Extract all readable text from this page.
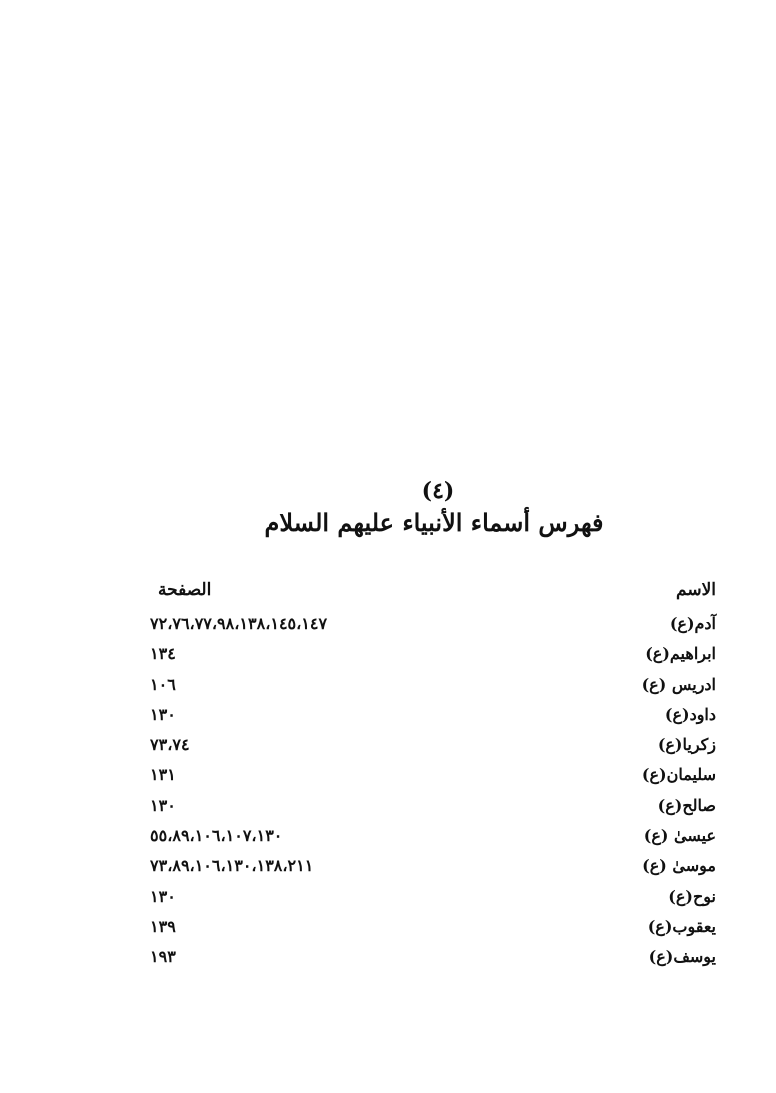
(٤)
فهرس أسماء الأنبياء عليهم السلام
الاسم
الصفحة
آدم(ع)
٧٢،٧٦،٧٧،٩٨،١٣٨،١٤٥،١٤٧
ابراهيم(ع)
١٣٤
ادريس (ع)
١٠٦
داود(ع)
١٣٠
زكريا(ع)
٧٣،٧٤
سليمان(ع)
١٣١
صالح(ع)
١٣٠
عيسىٰ (ع)
٥٥،٨٩،١٠٦،١٠٧،١٣٠
موسىٰ (ع)
٧٣،٨٩،١٠٦،١٣٠،١٣٨،٢١١
نوح(ع)
١٣٠
يعقوب(ع)
١٣٩
يوسف(ع)
١٩٣
